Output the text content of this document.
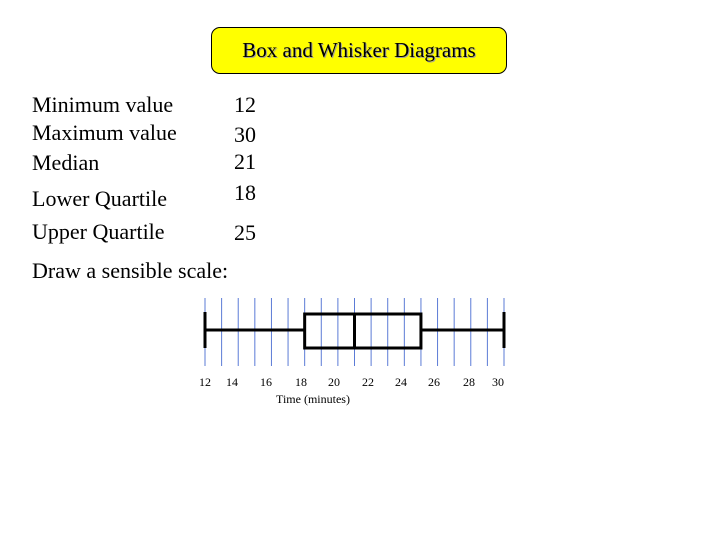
Box and Whisker Diagrams
Minimum value	12
Maximum value	30
Median	21
Lower Quartile	18
Upper Quartile	25
Draw a sensible scale:
12 14 16 18 20 22 24 26 28 30
Time (minutes)
